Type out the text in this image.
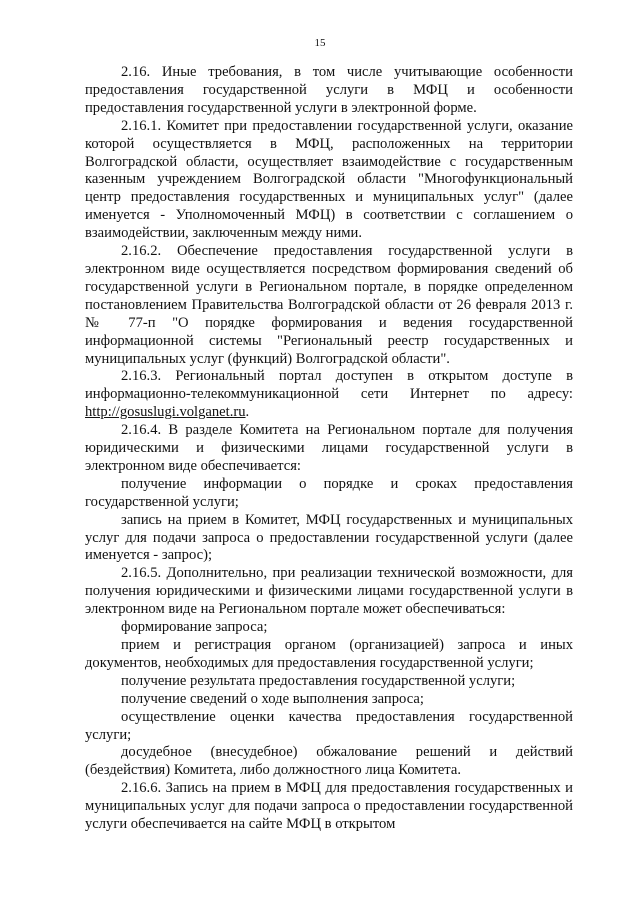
15

2.16. Иные требования, в том числе учитывающие особенности предоставления государственной услуги в МФЦ и особенности предоставления государственной услуги в электронной форме.

2.16.1. Комитет при предоставлении государственной услуги, оказание которой осуществляется в МФЦ, расположенных на территории Волгоградской области, осуществляет взаимодействие с государственным казенным учреждением Волгоградской области "Многофункциональный центр предоставления государственных и муниципальных услуг" (далее именуется - Уполномоченный МФЦ) в соответствии с соглашением о взаимодействии, заключенным между ними.

2.16.2. Обеспечение предоставления государственной услуги в электронном виде осуществляется посредством формирования сведений об государственной услуги в Региональном портале, в порядке определенном постановлением Правительства Волгоградской области от 26 февраля 2013 г. № 77-п "О порядке формирования и ведения государственной информационной системы "Региональный реестр государственных и муниципальных услуг (функций) Волгоградской области".

2.16.3. Региональный портал доступен в открытом доступе в информационно-телекоммуникационной сети Интернет по адресу: http://gosuslugi.volganet.ru.

2.16.4. В разделе Комитета на Региональном портале для получения юридическими и физическими лицами государственной услуги в электронном виде обеспечивается:

получение информации о порядке и сроках предоставления государственной услуги;

запись на прием в Комитет, МФЦ государственных и муниципальных услуг для подачи запроса о предоставлении государственной услуги (далее именуется - запрос);

2.16.5. Дополнительно, при реализации технической возможности, для получения юридическими и физическими лицами государственной услуги в электронном виде на Региональном портале может обеспечиваться:

формирование запроса;

прием и регистрация органом (организацией) запроса и иных документов, необходимых для предоставления государственной услуги;

получение результата предоставления государственной услуги;

получение сведений о ходе выполнения запроса;

осуществление оценки качества предоставления государственной услуги;

досудебное (внесудебное) обжалование решений и действий (бездействия) Комитета, либо должностного лица Комитета.

2.16.6. Запись на прием в МФЦ для предоставления государственных и муниципальных услуг для подачи запроса о предоставлении государственной услуги обеспечивается на сайте МФЦ в открытом
